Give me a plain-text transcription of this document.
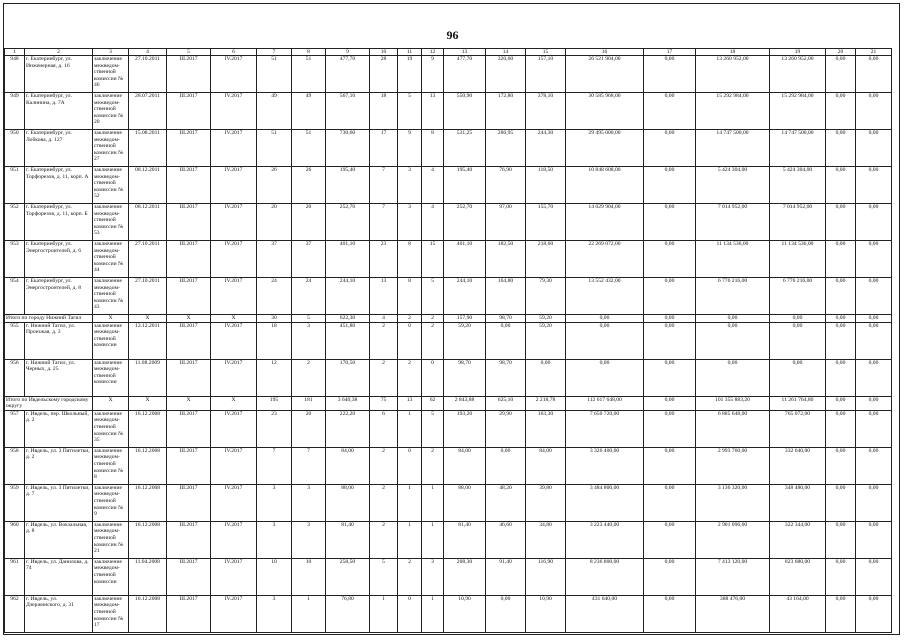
96
1	2	3	4	5	6	7	8	9	10	11	12	13	14	15	16	17	18	19	20	21
948	г. Екатеринбург, ул. Инженерная, д. 16	заключение межведом-ственной комиссии № 46	27.10.2011	III.2017	IV.2017	51	51	477,70	28	19	9	477,70	320,60	157,10	26 521 904,00	0,00	13 260 952,00	13 260 952,00	0,00	0,00
949	г. Екатеринбург, ул. Калинина, д. 7А	заключение межведом-ственной комиссии № 20	28.07.2011	III.2017	IV.2017	49	49	567,10	18	5	13	550,90	172,80	378,10	30 585 968,00	0,00	15 292 984,00	15 292 984,00	0,00	0,00
950	г. Екатеринбург, ул. Лобкова, д. 127	заключение межведом-ственной комиссии № 27	15.08.2011	III.2017	IV.2017	51	51	730,60	17	9	8	531,25	286,95	244,30	29 495 000,00	0,00	14 747 500,00	14 747 500,00	0,00	0,00
951	г. Екатеринбург, ул. Торфорезов, д. 11, корп. А	заключение межведом-ственной комиссии № 52	08.12.2011	III.2017	IV.2017	26	26	195,40	7	3	4	195,40	76,90	118,50	10 848 608,00	0,00	5 424 304,00	5 424 304,00	0,00	0,00
952	г. Екатеринбург, ул. Торфорезов, д. 11, корп. Б	заключение межведом-ственной комиссии № 53	08.12.2011	III.2017	IV.2017	20	20	252,70	7	3	4	252,70	97,00	155,70	14 029 904,00	0,00	7 014 952,00	7 014 952,00	0,00	0,00
953	г. Екатеринбург, ул. Энергостроителей, д. 6	заключение межведом-ственной комиссии № 44	27.10.2011	III.2017	IV.2017	37	37	401,10	23	8	15	401,10	182,50	218,60	22 269 072,00	0,00	11 134 536,00	11 134 536,00	0,00	0,00
954	г. Екатеринбург, ул. Энергостроителей, д. 8	заключение межведом-ственной комиссии № 43	27.10.2011	III.2017	IV.2017	24	24	244,10	13	8	5	244,10	164,80	79,30	13 552 432,00	0,00	6 776 216,00	6 776 216,00	0,00	0,00
Итого по городу Нижний Тагил		X	X	X	X	30	5	622,30	4	2	2	157,90	98,70	59,20	0,00	0,00	0,00	0,00	0,00	0,00
955	г. Нижний Тагил, ул. Проезжая, д. 3	заключение межведом-ственной комиссии	12.12.2011	III.2017	IV.2017	18	3	451,80	2	0	2	59,20	0,00	59,20	0,00	0,00	0,00	0,00	0,00	0,00
956	г. Нижний Тагил, ул. Черных, д. 25	заключение межведом-ственной комиссии	11.08.2009	III.2017	IV.2017	12	2	170,50	2	2	0	98,70	98,70	0,00	0,00	0,00	0,00	0,00	0,00	0,00
Итого по Ивдельскому городскому округу		X	X	X	X	195	181	3 640,38	75	13	62	2 843,88	625,10	2 218,78	112 617 648,00	0,00	101 355 883,20	11 261 764,80	0,00	0,00
957	г. Ивдель, пер. Школьный, д. 2	заключение межведом-ственной комиссии № 35	16.12.2008	III.2017	IV.2017	23	20	222,20	6	1	5	193,20	29,90	163,30	7 650 720,00	0,00	6 885 648,00	765 072,00	0,00	0,00
958	г. Ивдель, ул. 3 Пятилетки, д. 2	заключение межведом-ственной комиссии № 8	16.12.2008	III.2017	IV.2017	7	7	84,00	2	0	2	84,00	0,00	84,00	3 326 400,00	0,00	2 993 760,00	332 640,00	0,00	0,00
959	г. Ивдель, ул. 3 Пятилетки, д. 7	заключение межведом-ственной комиссии № 9	16.12.2008	III.2017	IV.2017	3	3	88,00	2	1	1	88,00	48,20	39,80	3 484 800,00	0,00	3 136 320,00	348 480,00	0,00	0,00
960	г. Ивдель, ул. Вокзальная, д. 8	заключение межведом-ственной комиссии № 21	16.12.2008	III.2017	IV.2017	3	3	81,40	2	1	1	81,40	46,60	34,80	3 223 440,00	0,00	2 901 096,00	322 344,00	0,00	0,00
961	г. Ивдель, ул. Данилова, д. 74	заключение межведом-ственной комиссии	11.04.2008	III.2017	IV.2017	10	10	258,50	5	2	3	208,30	91,40	116,90	8 236 800,00	0,00	7 413 120,00	823 680,00	0,00	0,00
962	г. Ивдель, ул. Дзержинского, д. 31	заключение межведом-ственной комиссии № 17	16.12.2008	III.2017	IV.2017	3	1	76,80	1	0	1	10,90	0,00	10,90	431 640,00	0,00	388 476,00	43 164,00	0,00	0,00
